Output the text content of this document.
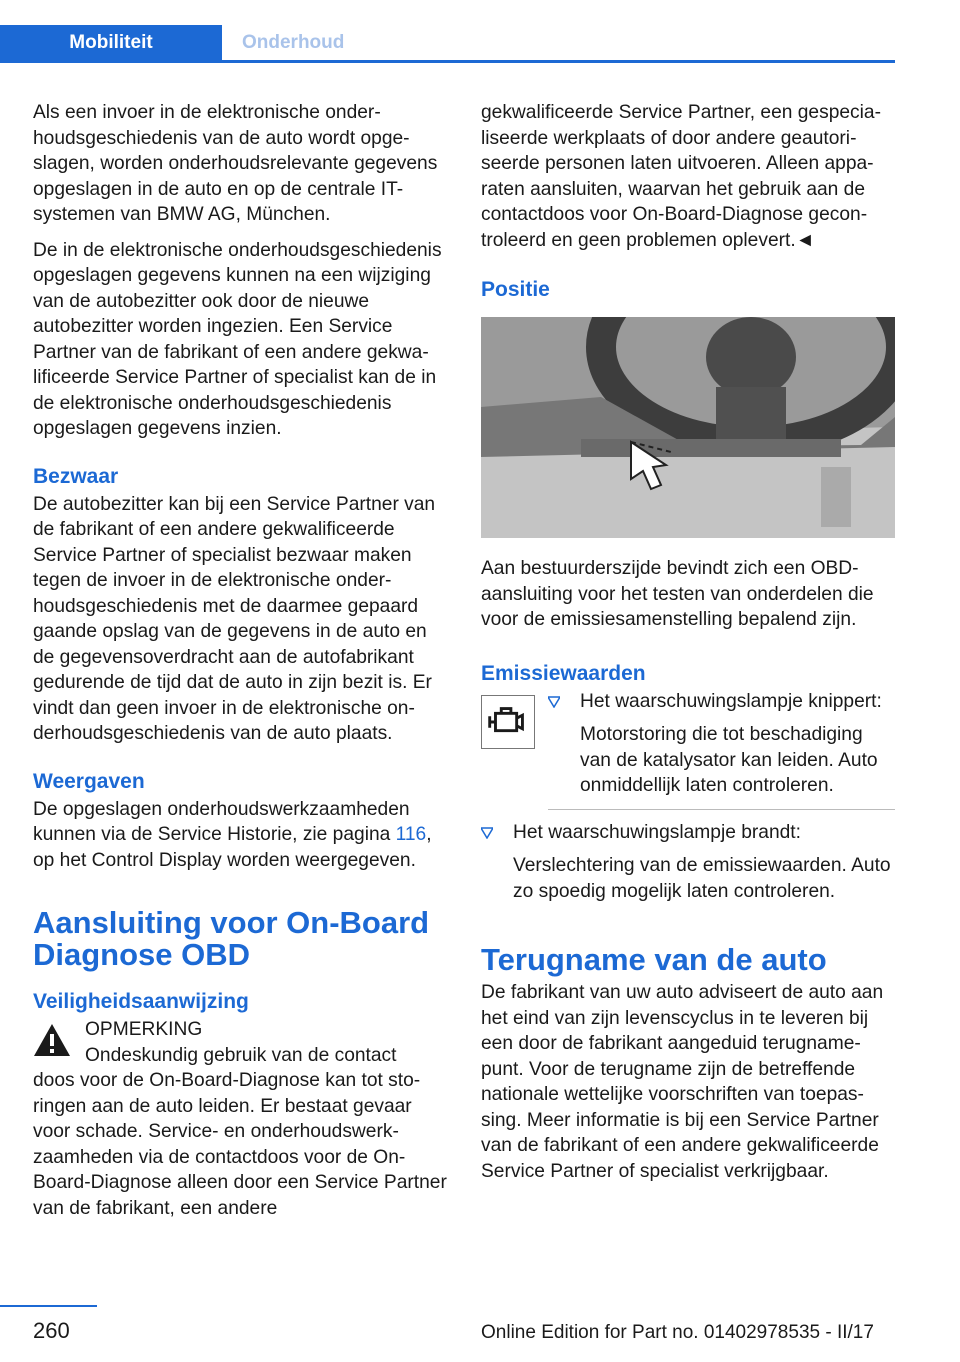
Mobiliteit	Onderhoud

Als een invoer in de elektronische onderhoudsgeschiedenis van de auto wordt opgeslagen, worden onderhoudsrelevante gegevens opgeslagen in de auto en op de centrale IT-systemen van BMW AG, München.

De in de elektronische onderhoudsgeschiedenis opgeslagen gegevens kunnen na een wijziging van de autobezitter ook door de nieuwe autobezitter worden ingezien. Een Service Partner van de fabrikant of een andere gekwalificeerde Service Partner of specialist kan de in de elektronische onderhoudsgeschiedenis opgeslagen gegevens inzien.

Bezwaar

De autobezitter kan bij een Service Partner van de fabrikant of een andere gekwalificeerde Service Partner of specialist bezwaar maken tegen de invoer in de elektronische onderhoudsgeschiedenis met de daarmee gepaard gaande opslag van de gegevens in de auto en de gegevensoverdracht aan de autofabrikant gedurende de tijd dat de auto in zijn bezit is. Er vindt dan geen invoer in de elektronische onderhoudsgeschiedenis van de auto plaats.

Weergaven

De opgeslagen onderhoudswerkzaamheden kunnen via de Service Historie, zie pagina 116, op het Control Display worden weergegeven.

Aansluiting voor On-Board Diagnose OBD
Veiligheidsaanwijzing

OPMERKING

Ondeskundig gebruik van de contact

doos voor de On-Board-Diagnose kan tot storingen aan de auto leiden. Er bestaat gevaar voor schade. Service- en onderhoudswerkzaamheden via de contactdoos voor de On-Board-Diagnose alleen door een Service Partner van de fabrikant, een andere

gekwalificeerde Service Partner, een gespecialiseerde werkplaats of door andere geautoriseerde personen laten uitvoeren. Alleen apparaten aansluiten, waarvan het gebruik aan de contactdoos voor On-Board-Diagnose gecontroleerd en geen problemen oplevert.◄

Positie

Aan bestuurderszijde bevindt zich een OBD-aansluiting voor het testen van onderdelen die voor de emissiesamenstelling bepalend zijn.

Emissiewaarden
Het waarschuwingslampje knippert:
Motorstoring die tot beschadiging van de katalysator kan leiden. Auto onmiddellijk laten controleren.
Het waarschuwingslampje brandt:
Verslechtering van de emissiewaarden. Auto zo spoedig mogelijk laten controleren.
Terugname van de auto

De fabrikant van uw auto adviseert de auto aan het eind van zijn levenscyclus in te leveren bij een door de fabrikant aangeduid terugnamepunt. Voor de terugname zijn de betreffende nationale wettelijke voorschriften van toepassing. Meer informatie is bij een Service Partner van de fabrikant of een andere gekwalificeerde Service Partner of specialist verkrijgbaar.

260	Online Edition for Part no. 01402978535 - II/17
